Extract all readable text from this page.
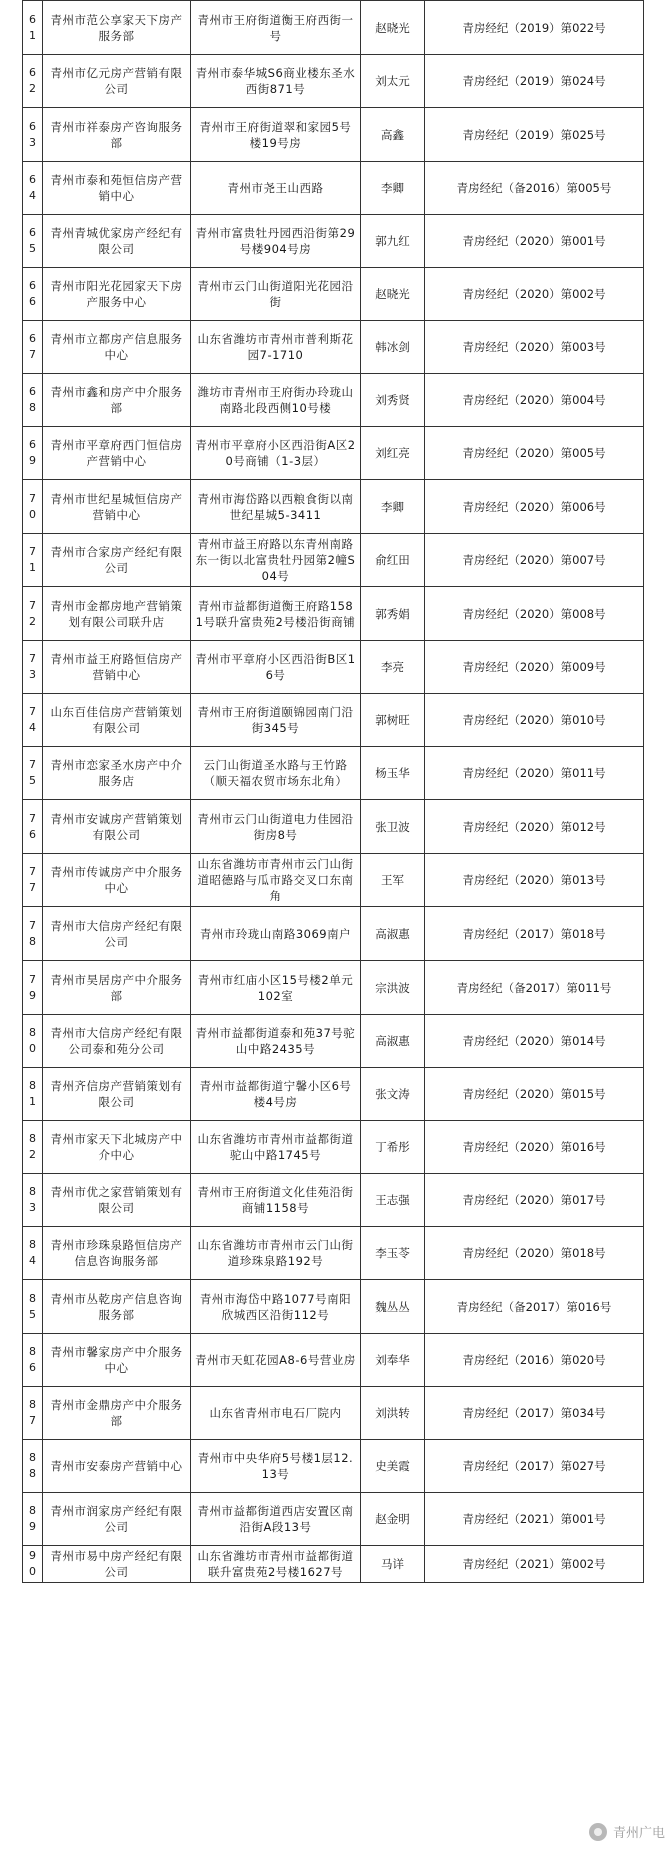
61	青州市范公享家天下房产服务部	青州市王府街道衡王府西街一号	赵晓光	青房经纪（2019）第022号
62	青州市亿元房产营销有限公司	青州市泰华城S6商业楼东圣水西街871号	刘太元	青房经纪（2019）第024号
63	青州市祥泰房产咨询服务部	青州市王府街道翠和家园5号楼19号房	高鑫	青房经纪（2019）第025号
64	青州市泰和苑恒信房产营销中心	青州市尧王山西路	李卿	青房经纪（备2016）第005号
65	青州青城优家房产经纪有限公司	青州市富贵牡丹园西沿街第29号楼904号房	郭九红	青房经纪（2020）第001号
66	青州市阳光花园家天下房产服务中心	青州市云门山街道阳光花园沿街	赵晓光	青房经纪（2020）第002号
67	青州市立都房产信息服务中心	山东省潍坊市青州市普利斯花园7-1710	韩冰剑	青房经纪（2020）第003号
68	青州市鑫和房产中介服务部	潍坊市青州市王府街办玲珑山南路北段西侧10号楼	刘秀贤	青房经纪（2020）第004号
69	青州市平章府西门恒信房产营销中心	青州市平章府小区西沿街A区20号商铺（1-3层）	刘红亮	青房经纪（2020）第005号
70	青州市世纪星城恒信房产营销中心	青州市海岱路以西粮食街以南世纪星城5-3411	李卿	青房经纪（2020）第006号
71	青州市合家房产经纪有限公司	青州市益王府路以东青州南路东一街以北富贵牡丹园第2幢S04号	俞红田	青房经纪（2020）第007号
72	青州市金都房地产营销策划有限公司联升店	青州市益都街道衡王府路1581号联升富贵苑2号楼沿街商铺	郭秀娟	青房经纪（2020）第008号
73	青州市益王府路恒信房产营销中心	青州市平章府小区西沿街B区16号	李亮	青房经纪（2020）第009号
74	山东百佳信房产营销策划有限公司	青州市王府街道颐锦园南门沿街345号	郭树旺	青房经纪（2020）第010号
75	青州市恋家圣水房产中介服务店	云门山街道圣水路与王竹路（顺天福农贸市场东北角）	杨玉华	青房经纪（2020）第011号
76	青州市安诚房产营销策划有限公司	青州市云门山街道电力佳园沿街房8号	张卫波	青房经纪（2020）第012号
77	青州市传诚房产中介服务中心	山东省潍坊市青州市云门山街道昭德路与瓜市路交叉口东南角	王军	青房经纪（2020）第013号
78	青州市大信房产经纪有限公司	青州市玲珑山南路3069南户	高淑惠	青房经纪（2017）第018号
79	青州市昊居房产中介服务部	青州市红庙小区15号楼2单元102室	宗洪波	青房经纪（备2017）第011号
80	青州市大信房产经纪有限公司泰和苑分公司	青州市益都街道泰和苑37号驼山中路2435号	高淑惠	青房经纪（2020）第014号
81	青州齐信房产营销策划有限公司	青州市益都街道宁馨小区6号楼4号房	张文涛	青房经纪（2020）第015号
82	青州市家天下北城房产中介中心	山东省潍坊市青州市益都街道驼山中路1745号	丁希彤	青房经纪（2020）第016号
83	青州市优之家营销策划有限公司	青州市王府街道文化佳苑沿街商铺1158号	王志强	青房经纪（2020）第017号
84	青州市珍珠泉路恒信房产信息咨询服务部	山东省潍坊市青州市云门山街道珍珠泉路192号	李玉苓	青房经纪（2020）第018号
85	青州市丛乾房产信息咨询服务部	青州市海岱中路1077号南阳欣城西区沿街112号	魏丛丛	青房经纪（备2017）第016号
86	青州市馨家房产中介服务中心	青州市天虹花园A8-6号营业房	刘奉华	青房经纪（2016）第020号
87	青州市金鼎房产中介服务部	山东省青州市电石厂院内	刘洪转	青房经纪（2017）第034号
88	青州市安泰房产营销中心	青州市中央华府5号楼1层12.13号	史美霞	青房经纪（2017）第027号
89	青州市润家房产经纪有限公司	青州市益都街道西店安置区南沿街A段13号	赵金明	青房经纪（2021）第001号
90	青州市易中房产经纪有限公司	山东省潍坊市青州市益都街道联升富贵苑2号楼1627号	马详	青房经纪（2021）第002号
青州广电
